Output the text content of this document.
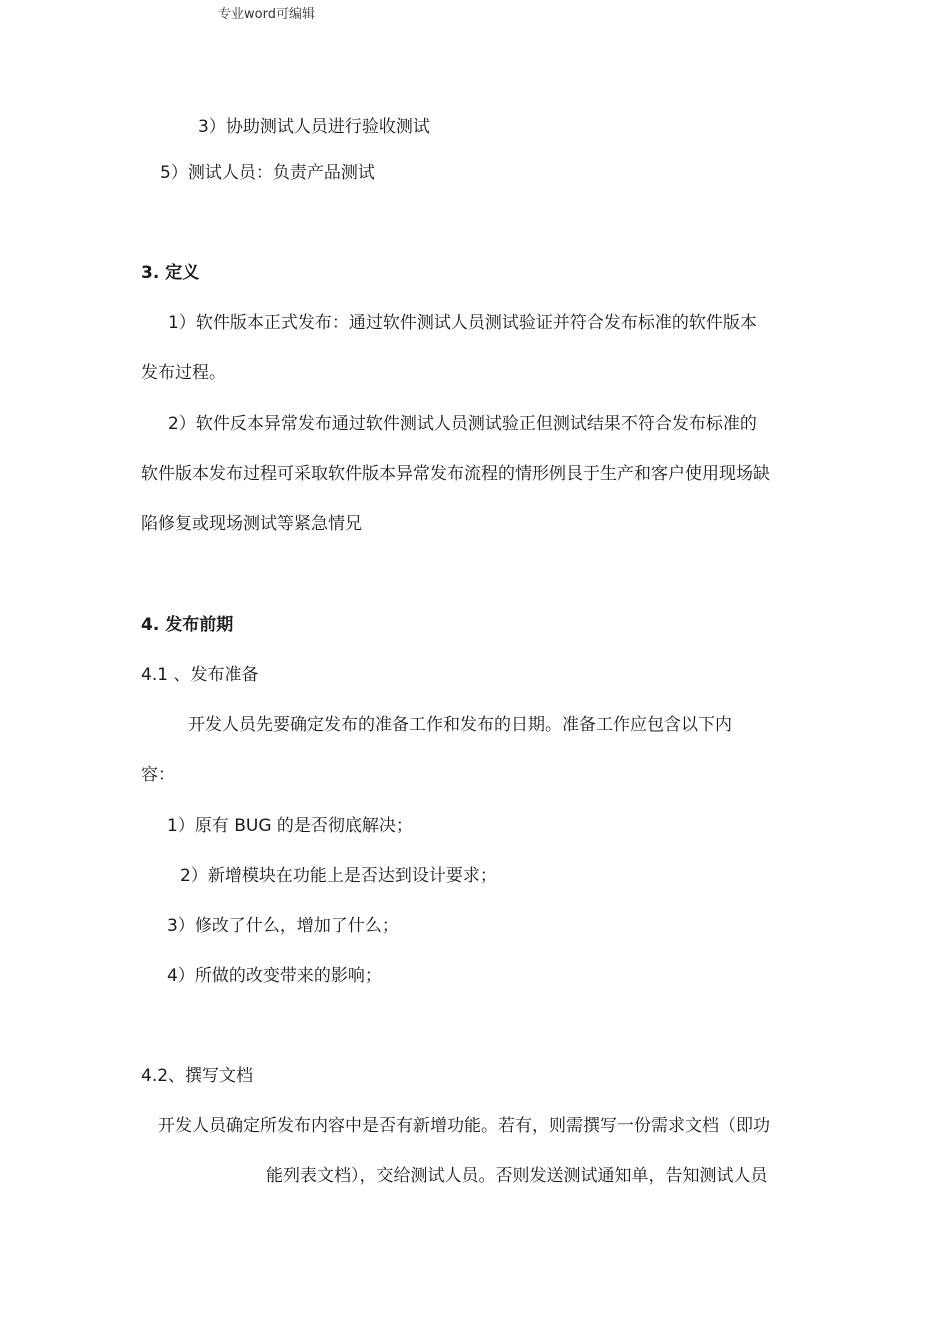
专业word可编辑
3）协助测试人员进行验收测试
5）测试人员：负责产品测试
3. 定义
1）软件版本正式发布：通过软件测试人员测试验证并符合发布标准的软件版本
发布过程。
2）软件反本异常发布通过软件测试人员测试验正但测试结果不符合发布标准的
软件版本发布过程可采取软件版本异常发布流程的情形例艮于生产和客户使用现场缺
陷修复或现场测试等紧急情兄
4. 发布前期
4.1 、发布准备
开发人员先要确定发布的准备工作和发布的日期。准备工作应包含以下内
容：
1）原有 BUG 的是否彻底解决；
2）新增模块在功能上是否达到设计要求；
3）修改了什么，增加了什么；
4）所做的改变带来的影响；
4.2、撰写文档
开发人员确定所发布内容中是否有新增功能。若有，则需撰写一份需求文档（即功
能列表文档），交给测试人员。否则发送测试通知单，告知测试人员
